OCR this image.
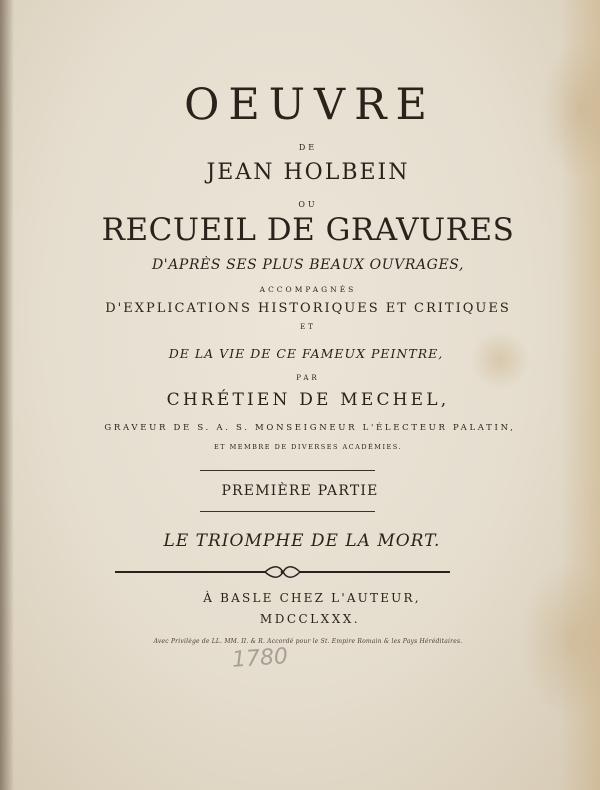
OEUVRE
DE
JEAN HOLBEIN
OU
RECUEIL DE GRAVURES
D'APRÈS SES PLUS BEAUX OUVRAGES,
ACCOMPAGNÉS
D'EXPLICATIONS HISTORIQUES ET CRITIQUES
ET
DE LA VIE DE CE FAMEUX PEINTRE,
PAR
CHRÉTIEN DE MECHEL,
GRAVEUR DE S. A. S. MONSEIGNEUR L'ÉLECTEUR PALATIN,
ET MEMBRE DE DIVERSES ACADÉMIES.
PREMIÈRE PARTIE
LE TRIOMPHE DE LA MORT.
À BASLE CHEZ L'AUTEUR,
MDCCLXXX.
Avec Privilège de LL. MM. II. & R. Accordé pour le St. Empire Romain & les Pays Héréditaires.
1780
